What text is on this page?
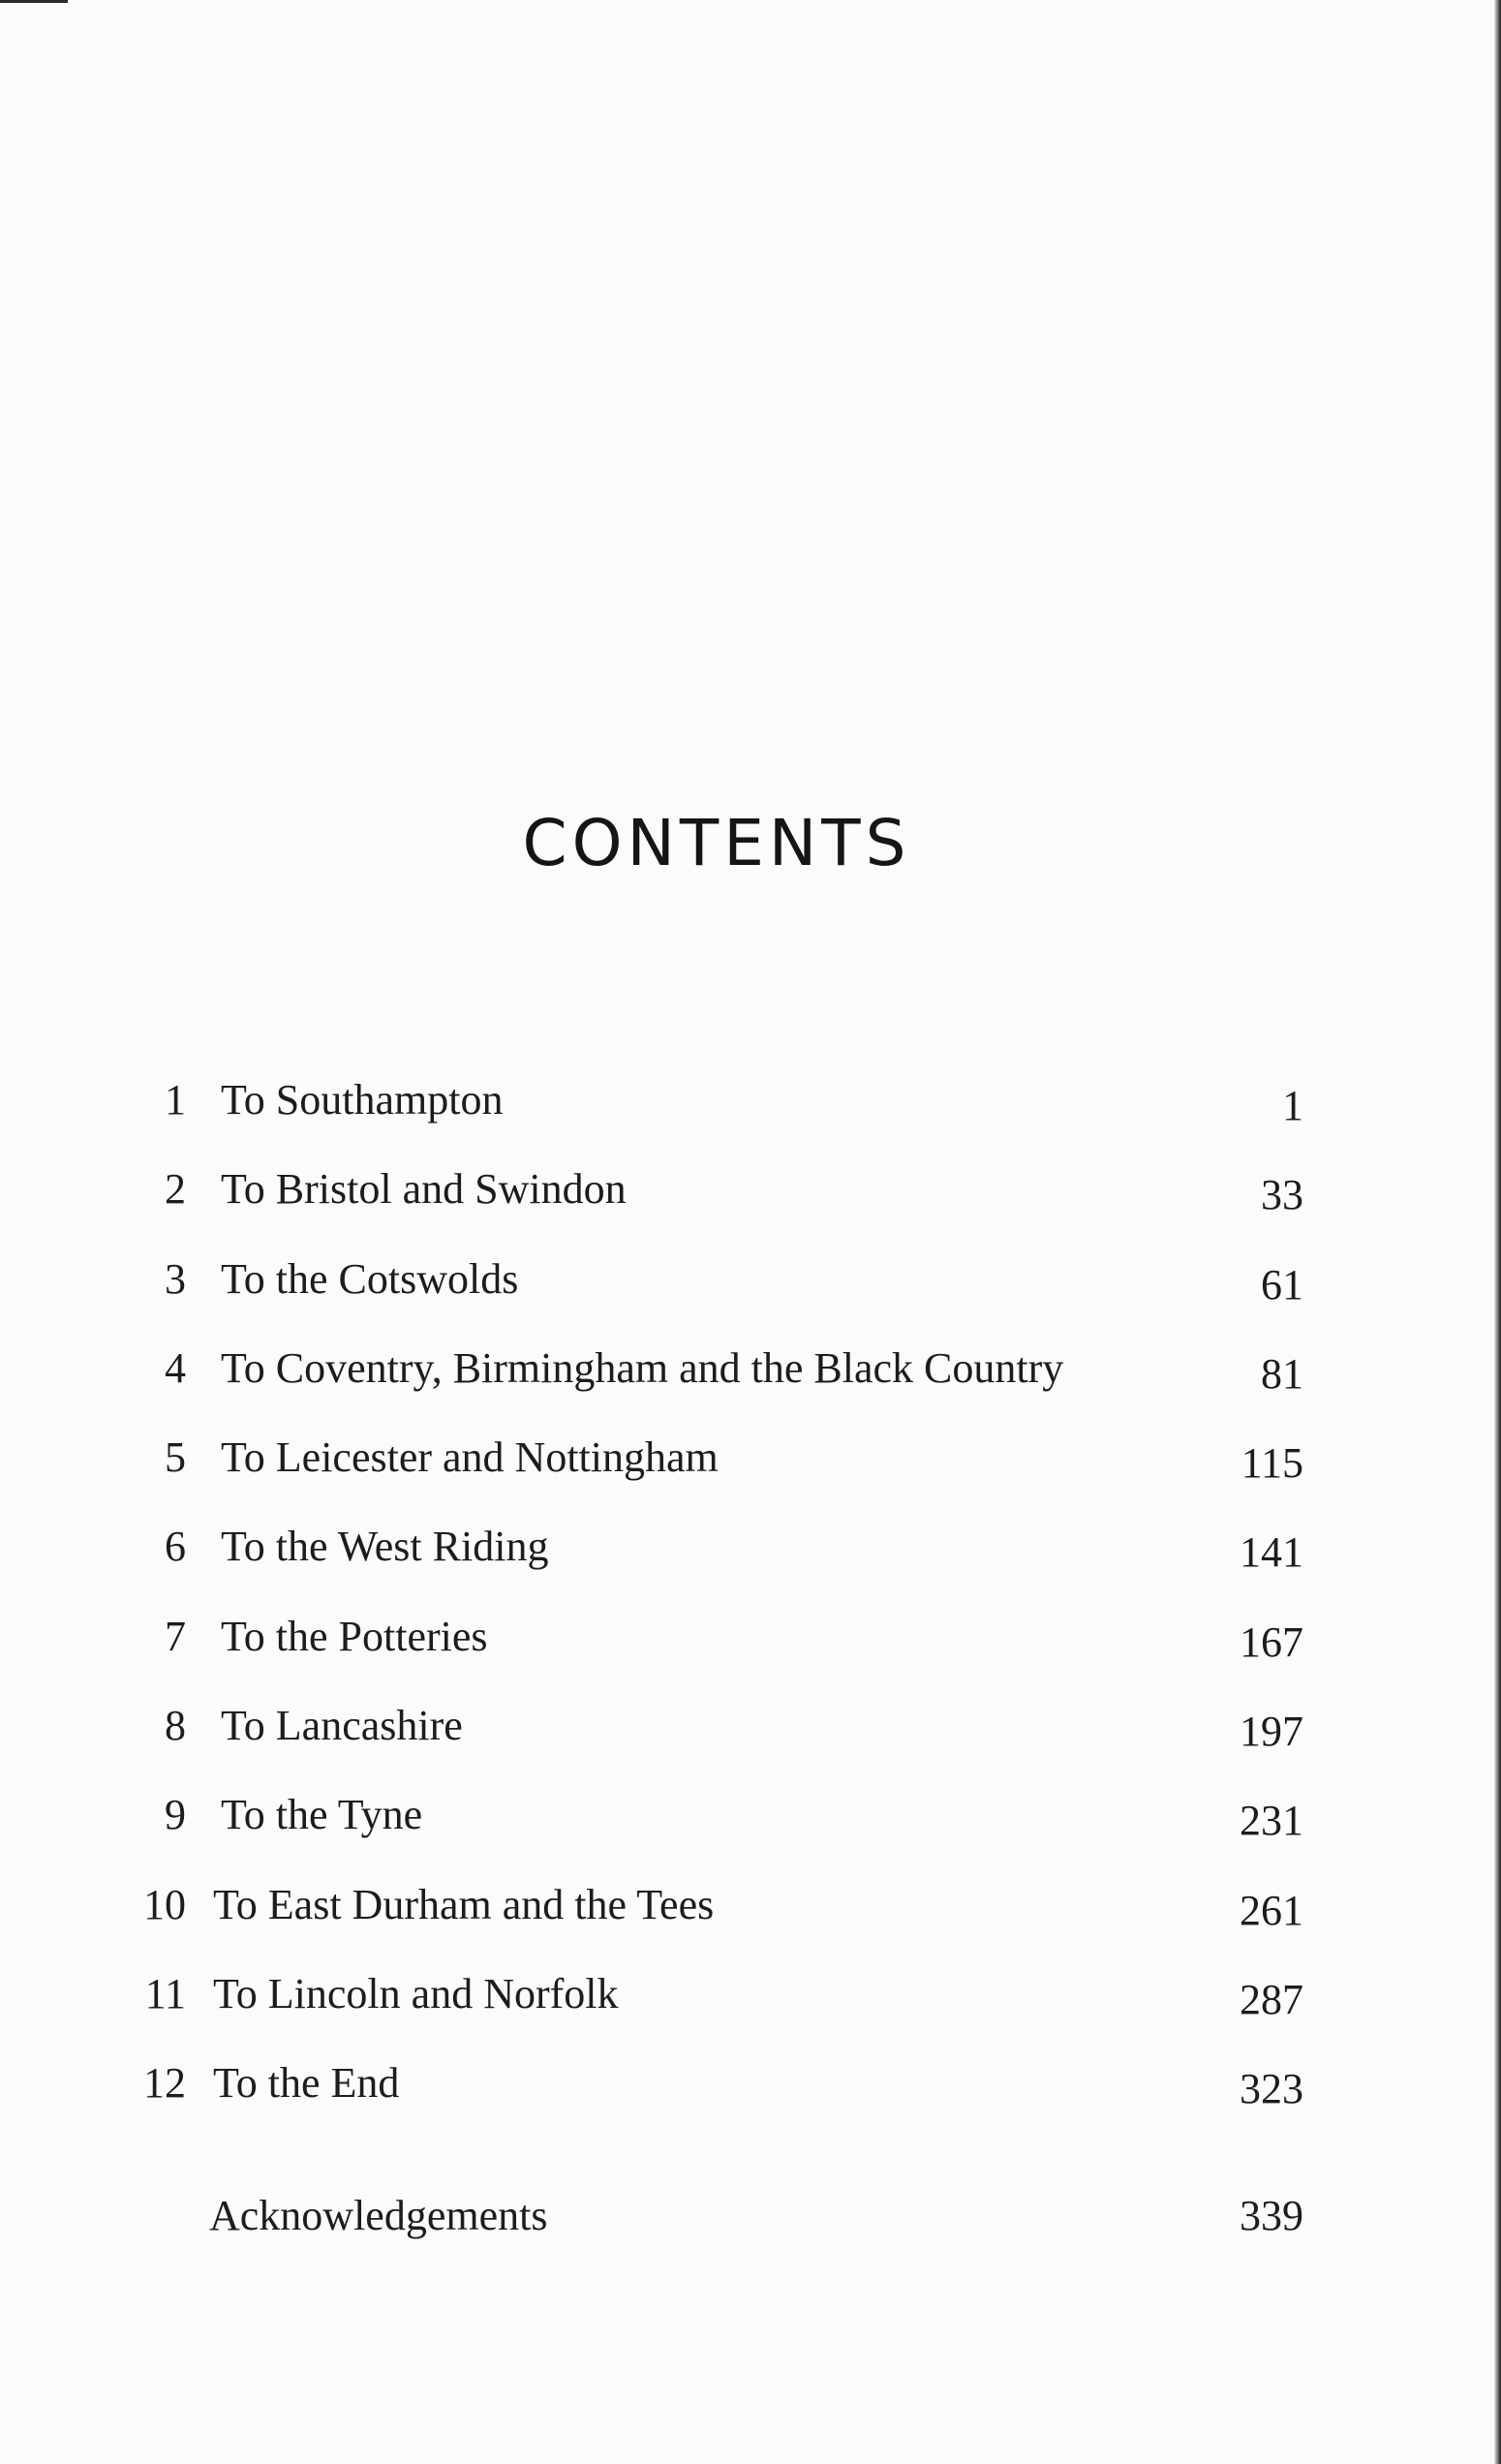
CONTENTS
1 To Southampton	1
2 To Bristol and Swindon	33
3 To the Cotswolds	61
4 To Coventry, Birmingham and the Black Country	81
5 To Leicester and Nottingham	115
6 To the West Riding	141
7 To the Potteries	167
8 To Lancashire	197
9 To the Tyne	231
10 To East Durham and the Tees	261
11 To Lincoln and Norfolk	287
12 To the End	323
Acknowledgements	339
